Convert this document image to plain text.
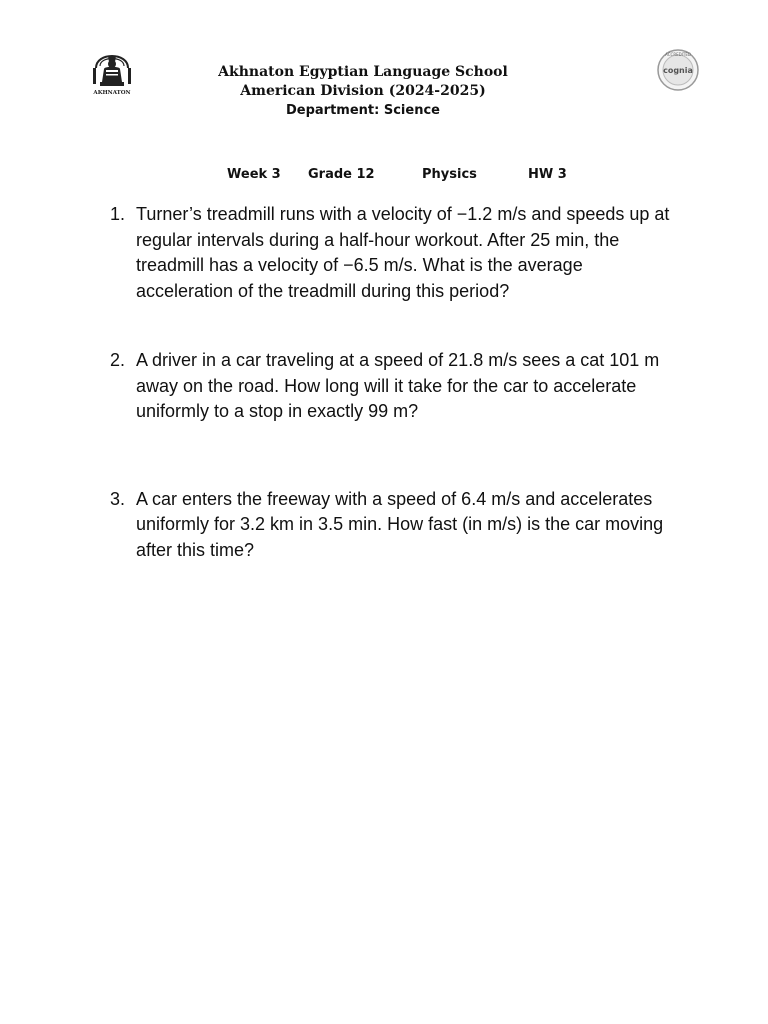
AKHNATON
Akhnaton Egyptian Language School
American Division (2024-2025)
Department: Science
ACCREDITED
cognia
Week 3 Grade 12	Physics	HW 3
1. Turner’s treadmill runs with a velocity of −1.2 m/s and speeds up at regular intervals during a half-hour workout. After 25 min, the treadmill has a velocity of −6.5 m/s. What is the average acceleration of the treadmill during this period?
2. A driver in a car traveling at a speed of 21.8 m/s sees a cat 101 m away on the road. How long will it take for the car to accelerate uniformly to a stop in exactly 99 m?
3. A car enters the freeway with a speed of 6.4 m/s and accelerates uniformly for 3.2 km in 3.5 min. How fast (in m/s) is the car moving after this time?
